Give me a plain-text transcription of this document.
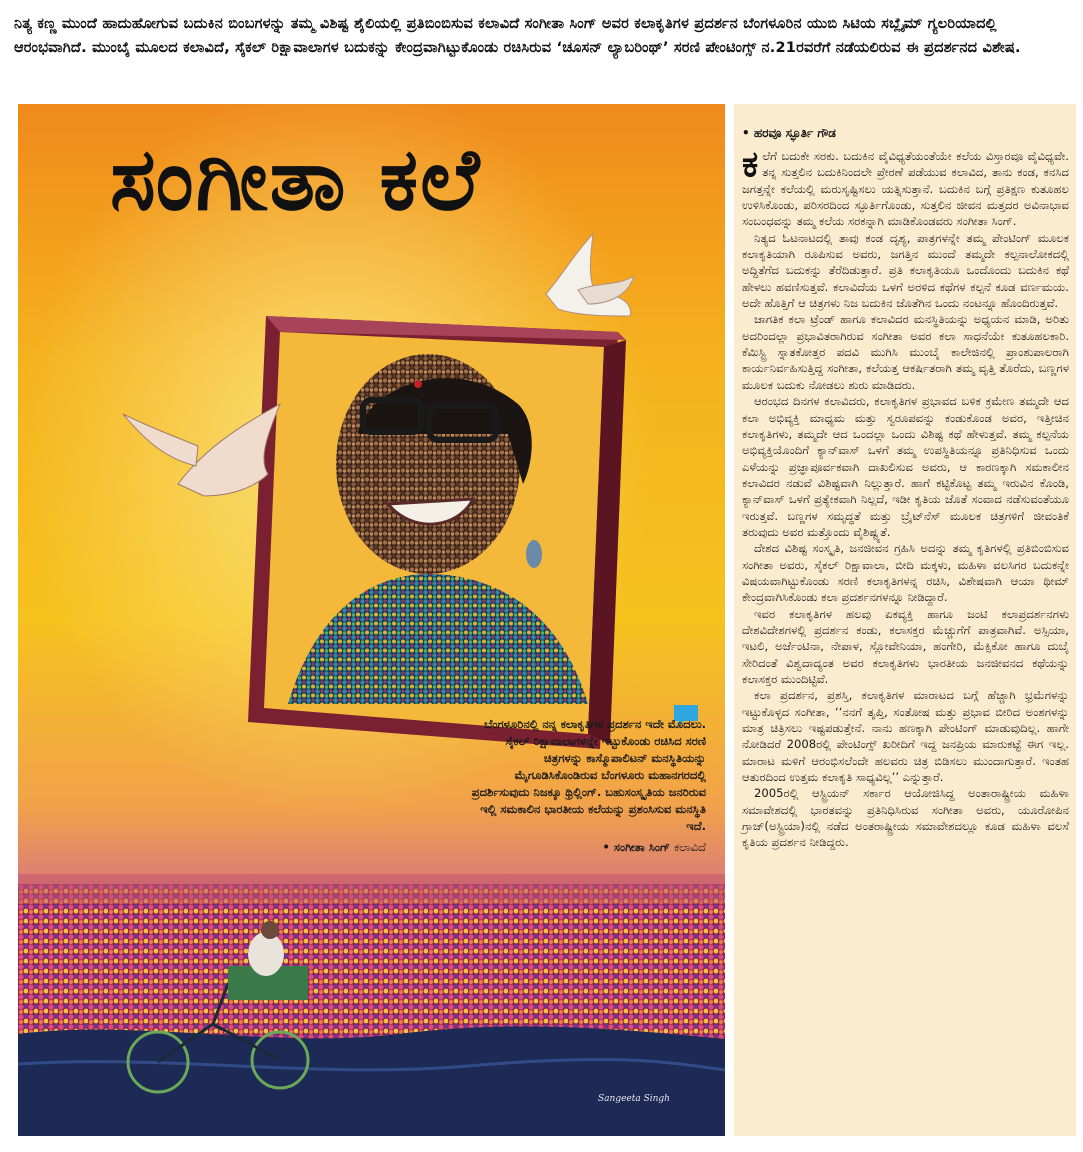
ನಿತ್ಯ ಕಣ್ಣ ಮುಂದೆ ಹಾದುಹೋಗುವ ಬದುಕಿನ ಬಿಂಬಗಳನ್ನು ತಮ್ಮ ವಿಶಿಷ್ಟ ಶೈಲಿಯಲ್ಲಿ ಪ್ರತಿಬಿಂಬಿಸುವ ಕಲಾವಿದೆ ಸಂಗೀತಾ ಸಿಂಗ್ ಅವರ ಕಲಾಕೃತಿಗಳ ಪ್ರದರ್ಶನ ಬೆಂಗಳೂರಿನ ಯುಬಿ ಸಿಟಿಯ ಸಬ್ಲೈಮ್ ಗ್ಯಲರಿಯಾದಲ್ಲಿ ಆರಂಭವಾಗಿದೆ. ಮುಂಬೈ ಮೂಲದ ಕಲಾವಿದೆ, ಸೈಕಲ್ ರಿಕ್ಷಾವಾಲಾಗಳ ಬದುಕನ್ನು ಕೇಂದ್ರವಾಗಿಟ್ಟುಕೊಂಡು ರಚಿಸಿರುವ ‘ಚೂಸನ್ ಲ್ಯಾಬರಿಂಥ್’ ಸರಣಿ ಪೇಂಟಿಂಗ್ಸ್ ನ.21ರವರೆಗೆ ನಡೆಯಲಿರುವ ಈ ಪ್ರದರ್ಶನದ ವಿಶೇಷ.
ಸಂಗೀತಾ ಕಲೆ
ಬೆಂಗಳೂರಿನಲ್ಲಿ ನನ್ನ ಕಲಾಕೃತಿಗಳ ಪ್ರದರ್ಶನ ಇದೇ ಮೊದಲು. ಸೈಕಲ್ ರಿಕ್ಷಾವಾಲಾಗಳನ್ನೇ ಇಟ್ಟುಕೊಂಡು ರಚಿಸಿದ ಸರಣಿ ಚಿತ್ರಗಳನ್ನು ಕಾಸ್ಮೊಪಾಲಿಟನ್ ಮನಸ್ಥಿತಿಯನ್ನು ಮೈಗೂಡಿಸಿಕೊಂಡಿರುವ ಬೆಂಗಳೂರು ಮಹಾನಗರದಲ್ಲಿ ಪ್ರದರ್ಶಿಸುವುದು ನಿಜಕ್ಕೂ ಥ್ರಿಲ್ಲಿಂಗ್. ಬಹುಸಂಸ್ಕೃತಿಯ ಜನರಿರುವ ಇಲ್ಲಿ ಸಮಕಾಲಿನ ಭಾರತೀಯ ಕಲೆಯನ್ನು ಪ್ರಶಂಸಿಸುವ ಮನಸ್ಥಿತಿ ಇದೆ.
• ಸಂಗೀತಾ ಸಿಂಗ್ ಕಲಾವಿದೆ
Sangeeta Singh
• ಹರವೂ ಸ್ಫೂರ್ತಿ ಗೌಡ

ಕಲೆಗೆ ಬದುಕೇ ಸರಕು. ಬದುಕಿನ ವೈವಿಧ್ಯತೆಯಂತೆಯೇ ಕಲೆಯ ವಿಸ್ತಾರವೂ ವೈವಿಧ್ಯವೇ. ತನ್ನ ಸುತ್ತಲಿನ ಬದುಕಿನಿಂದಲೇ ಪ್ರೇರಣೆ ಪಡೆಯುವ ಕಲಾವಿದ, ತಾನು ಕಂಡ, ಕನಸಿದ ಜಗತ್ತನ್ನೇ ಕಲೆಯಲ್ಲಿ ಮರುಸೃಷ್ಟಿಸಲು ಯತ್ನಿಸುತ್ತಾನೆ. ಬದುಕಿನ ಬಗ್ಗೆ ಪ್ರತಿಕ್ಷಣ ಕುತೂಹಲ ಉಳಿಸಿಕೊಂಡು, ಪರಿಸರದಿಂದ ಸ್ಫೂರ್ತಿಗೊಂಡು, ಸುತ್ತಲಿನ ಜೀವನ ಮತ್ತದರ ಅವಿನಾಭಾವ ಸಂಬಂಧವನ್ನು ತಮ್ಮ ಕಲೆಯ ಸರಕನ್ನಾಗಿ ಮಾಡಿಕೊಂಡವರು ಸಂಗೀತಾ ಸಿಂಗ್.

ನಿತ್ಯದ ಓಟನಾಟದಲ್ಲಿ ತಾವು ಕಂಡ ದೃಶ್ಯ, ಪಾತ್ರಗಳನ್ನೇ ತಮ್ಮ ಪೇಂಟಿಂಗ್ ಮೂಲಕ ಕಲಾಕೃತಿಯಾಗಿ ರೂಪಿಸುವ ಅವರು, ಜಗತ್ತಿನ ಮುಂದೆ ತಮ್ಮದೇ ಕಲ್ಪನಾಲೋಕದಲ್ಲಿ ಅದ್ದಿತೆಗೆದ ಬದುಕನ್ನು ತೆರೆದಿಡುತ್ತಾರೆ. ಪ್ರತಿ ಕಲಾಕೃತಿಯೂ ಒಂದೊಂದು ಬದುಕಿನ ಕಥೆ ಹೇಳಲು ಹವಣಿಸುತ್ತವೆ. ಕಲಾವಿದೆಯ ಒಳಗೆ ಅರಳಿದ ಕಥೆಗಳ ಕಲ್ಪನೆ ಕೂಡ ವರ್ಣಮಯ. ಅದೇ ಹೊತ್ತಿಗೆ ಆ ಚಿತ್ರಗಳು ನಿಜ ಬದುಕಿನ ಜೊತೆಗಿನ ಒಂದು ನಂಟನ್ನೂ ಹೊಂದಿರುತ್ತವೆ.

ಜಾಗತಿಕ ಕಲಾ ಟ್ರೆಂಡ್ ಹಾಗೂ ಕಲಾವಿದರ ಮನಸ್ಥಿತಿಯನ್ನು ಅಧ್ಯಯನ ಮಾಡಿ, ಅರಿತು ಅದರಿಂದಲ್ಲಾ ಪ್ರಭಾವಿತರಾಗಿರುವ ಸಂಗೀತಾ ಅವರ ಕಲಾ ಸಾಧನೆಯೇ ಕುತೂಹಲಕಾರಿ. ಕೆಮಿಸ್ಟ್ರಿ ಸ್ನಾತಕೋತ್ತರ ಪದವಿ ಮುಗಿಸಿ ಮುಂಬೈ ಕಾಲೇಜಿನಲ್ಲಿ ಪ್ರಾಂಶುಪಾಲರಾಗಿ ಕಾರ್ಯನಿರ್ವಹಿಸುತ್ತಿದ್ದ ಸಂಗೀತಾ, ಕಲೆಯತ್ತ ಆಕರ್ಷಿತರಾಗಿ ತಮ್ಮ ವೃತ್ತಿ ತೊರೆದು, ಬಣ್ಣಗಳ ಮೂಲಕ ಬದುಕು ನೋಡಲು ಶುರು ಮಾಡಿದರು.

ಆರಂಭದ ದಿನಗಳ ಕಲಾವಿದರು, ಕಲಾಕೃತಿಗಳ ಪ್ರಭಾವದ ಬಳಿಕ ಕ್ರಮೇಣ ತಮ್ಮದೇ ಆದ ಕಲಾ ಅಭಿವ್ಯಕ್ತಿ ಮಾಧ್ಯಮ ಮತ್ತು ಸ್ವರೂಪವನ್ನು ಕಂಡುಕೊಂಡ ಅವರ, ಇತ್ತೀಚಿನ ಕಲಾಕೃತಿಗಳು, ತಮ್ಮದೇ ಆದ ಒಂದಲ್ಲಾ ಒಂದು ವಿಶಿಷ್ಟ ಕಥೆ ಹೇಳುತ್ತವೆ. ತಮ್ಮ ಕಲ್ಪನೆಯ ಅಭಿವ್ಯಕ್ತಿಯೊಂದಿಗೆ ಕ್ಯಾನ್‌ವಾಸ್ ಒಳಗೆ ತಮ್ಮ ಉಪಸ್ಥಿತಿಯನ್ನೂ ಪ್ರತಿನಿಧಿಸುವ ಒಂದು ಎಳೆಯನ್ನು ಪ್ರಜ್ಞಾಪೂರ್ವಕವಾಗಿ ದಾಖಲಿಸುವ ಅವರು, ಆ ಕಾರಣಕ್ಕಾಗಿ ಸಮಕಾಲೀನ ಕಲಾವಿದರ ನಡುವೆ ವಿಶಿಷ್ಟವಾಗಿ ನಿಲ್ಲುತ್ತಾರೆ. ಹಾಗೆ ಕಟ್ಟಿಕೊಟ್ಟ ತಮ್ಮ ಇರುವಿನ ಕೊಂಡಿ, ಕ್ಯಾನ್‌ವಾಸ್ ಒಳಗೆ ಪ್ರತ್ಯೇಕವಾಗಿ ನಿಲ್ಲದೆ, ಇಡೀ ಕೃತಿಯ ಜೊತೆ ಸಂವಾದ ನಡೆಸುವಂತೆಯೂ ಇರುತ್ತವೆ. ಬಣ್ಣಗಳ ಸಮೃದ್ಧತೆ ಮತ್ತು ಬ್ರೈಟ್‌ನೆಸ್ ಮೂಲಕ ಚಿತ್ರಗಳಿಗೆ ಜೀವಂತಿಕೆ ತರುವುದು ಅವರ ಮತ್ತೊಂದು ವೈಶಿಷ್ಟ್ಯತೆ.

ದೇಶದ ವಿಶಿಷ್ಟ ಸಂಸ್ಕೃತಿ, ಜನಜೀವನ ಗ್ರಹಿಸಿ ಅದನ್ನು ತಮ್ಮ ಕೃತಿಗಳಲ್ಲಿ ಪ್ರತಿಬಿಂಬಿಸುವ ಸಂಗೀತಾ ಅವರು, ಸೈಕಲ್ ರಿಕ್ಷಾವಾಲಾ, ಬೀದಿ ಮಕ್ಕಳು, ಮಹಿಳಾ ವಲಸಿಗರ ಬದುಕನ್ನೇ ವಿಷಯವಾಗಿಟ್ಟುಕೊಂಡು ಸರಣಿ ಕಲಾಕೃತಿಗಳನ್ನ ರಚಿಸಿ, ವಿಶೇಷವಾಗಿ ಆಯಾ ಥೀಮ್ ಕೇಂದ್ರವಾಗಿಸಿಕೊಂಡು ಕಲಾ ಪ್ರದರ್ಶನಗಳನ್ನೂ ನೀಡಿದ್ದಾರೆ.

ಇವರ ಕಲಾಕೃತಿಗಳ ಹಲವು ಏಕವ್ಯಕ್ತಿ ಹಾಗೂ ಜಂಟಿ ಕಲಾಪ್ರದರ್ಶನಗಳು ದೇಶವಿದೇಶಗಳಲ್ಲಿ ಪ್ರದರ್ಶನ ಕಂಡು, ಕಲಾಸಕ್ತರ ಮೆಚ್ಚುಗೆಗೆ ಪಾತ್ರವಾಗಿವೆ. ಅಸ್ಸಿಯಾ, ಇಟಲಿ, ಅರ್ಜೆಂಟಿನಾ, ನೇಪಾಳ, ಸ್ಲೋವೇನಿಯಾ, ಹಂಗೇರಿ, ಮೆಕ್ಸಿಕೋ ಹಾಗೂ ದುಬೈ ಸೇರಿದಂತೆ ವಿಶ್ವದಾದ್ಯಂತ ಅವರ ಕಲಾಕೃತಿಗಳು ಭಾರತೀಯ ಜನಜೀವನದ ಕಥೆಯನ್ನು ಕಲಾಸಕ್ತರ ಮುಂದಿಟ್ಟಿವೆ.

ಕಲಾ ಪ್ರದರ್ಶನ, ಪ್ರಶಸ್ತಿ, ಕಲಾಕೃತಿಗಳ ಮಾರಾಟದ ಬಗ್ಗೆ ಹೆಚ್ಚಾಗಿ ಭ್ರಮೆಗಳನ್ನು ಇಟ್ಟುಕೊಳ್ಳದ ಸಂಗೀತಾ, ‘‘ನನಗೆ ತೃಪ್ತಿ, ಸಂತೋಷ ಮತ್ತು ಪ್ರಭಾವ ಬೀರಿದ ಅಂಶಗಳನ್ನು ಮಾತ್ರ ಚಿತ್ರಿಸಲು ಇಷ್ಟಪಡುತ್ತೇನೆ. ನಾನು ಹಣಕ್ಕಾಗಿ ಪೇಂಟಿಂಗ್ ಮಾಡುವುದಿಲ್ಲ. ಹಾಗೇ ನೋಡಿದರೆ 2008ರಲ್ಲಿ ಪೇಂಟಿಂಗ್ಸ್ ಖರೀದಿಗೆ ಇದ್ದ ಜನಪ್ರಿಯ ಮಾರುಕಟ್ಟೆ ಈಗ ಇಲ್ಲ. ಮಾರಾಟ ಮಳಿಗೆ ಆರಂಭಿಸಲೆಂದೇ ಹಲವರು ಚಿತ್ರ ಬಿಡಿಸಲು ಮುಂದಾಗುತ್ತಾರೆ. ಇಂತಹ ಆತುರದಿಂದ ಉತ್ತಮ ಕಲಾಕೃತಿ ಸಾಧ್ಯವಿಲ್ಲ’’ ಎನ್ನುತ್ತಾರೆ.

2005ರಲ್ಲಿ ಆಸ್ಟ್ರಿಯನ್ ಸರ್ಕಾರ ಆಯೋಜಿಸಿದ್ದ ಅಂತಾರಾಷ್ಟ್ರೀಯ ಮಹಿಳಾ ಸಮಾವೇಶದಲ್ಲಿ ಭಾರತವನ್ನು ಪ್ರತಿನಿಧಿಸಿರುವ ಸಂಗೀತಾ ಅವರು, ಯೂರೋಪಿನ ಗ್ರಾಜ್(ಅಸ್ಟ್ರಿಯಾ)ನಲ್ಲಿ ನಡೆದ ಅಂತರಾಷ್ಟ್ರೀಯ ಸಮಾವೇಶದಲ್ಲೂ ಕೂಡ ಮಹಿಳಾ ವಲಸೆ ಕೃತಿಯ ಪ್ರದರ್ಶನ ನೀಡಿದ್ದರು.
